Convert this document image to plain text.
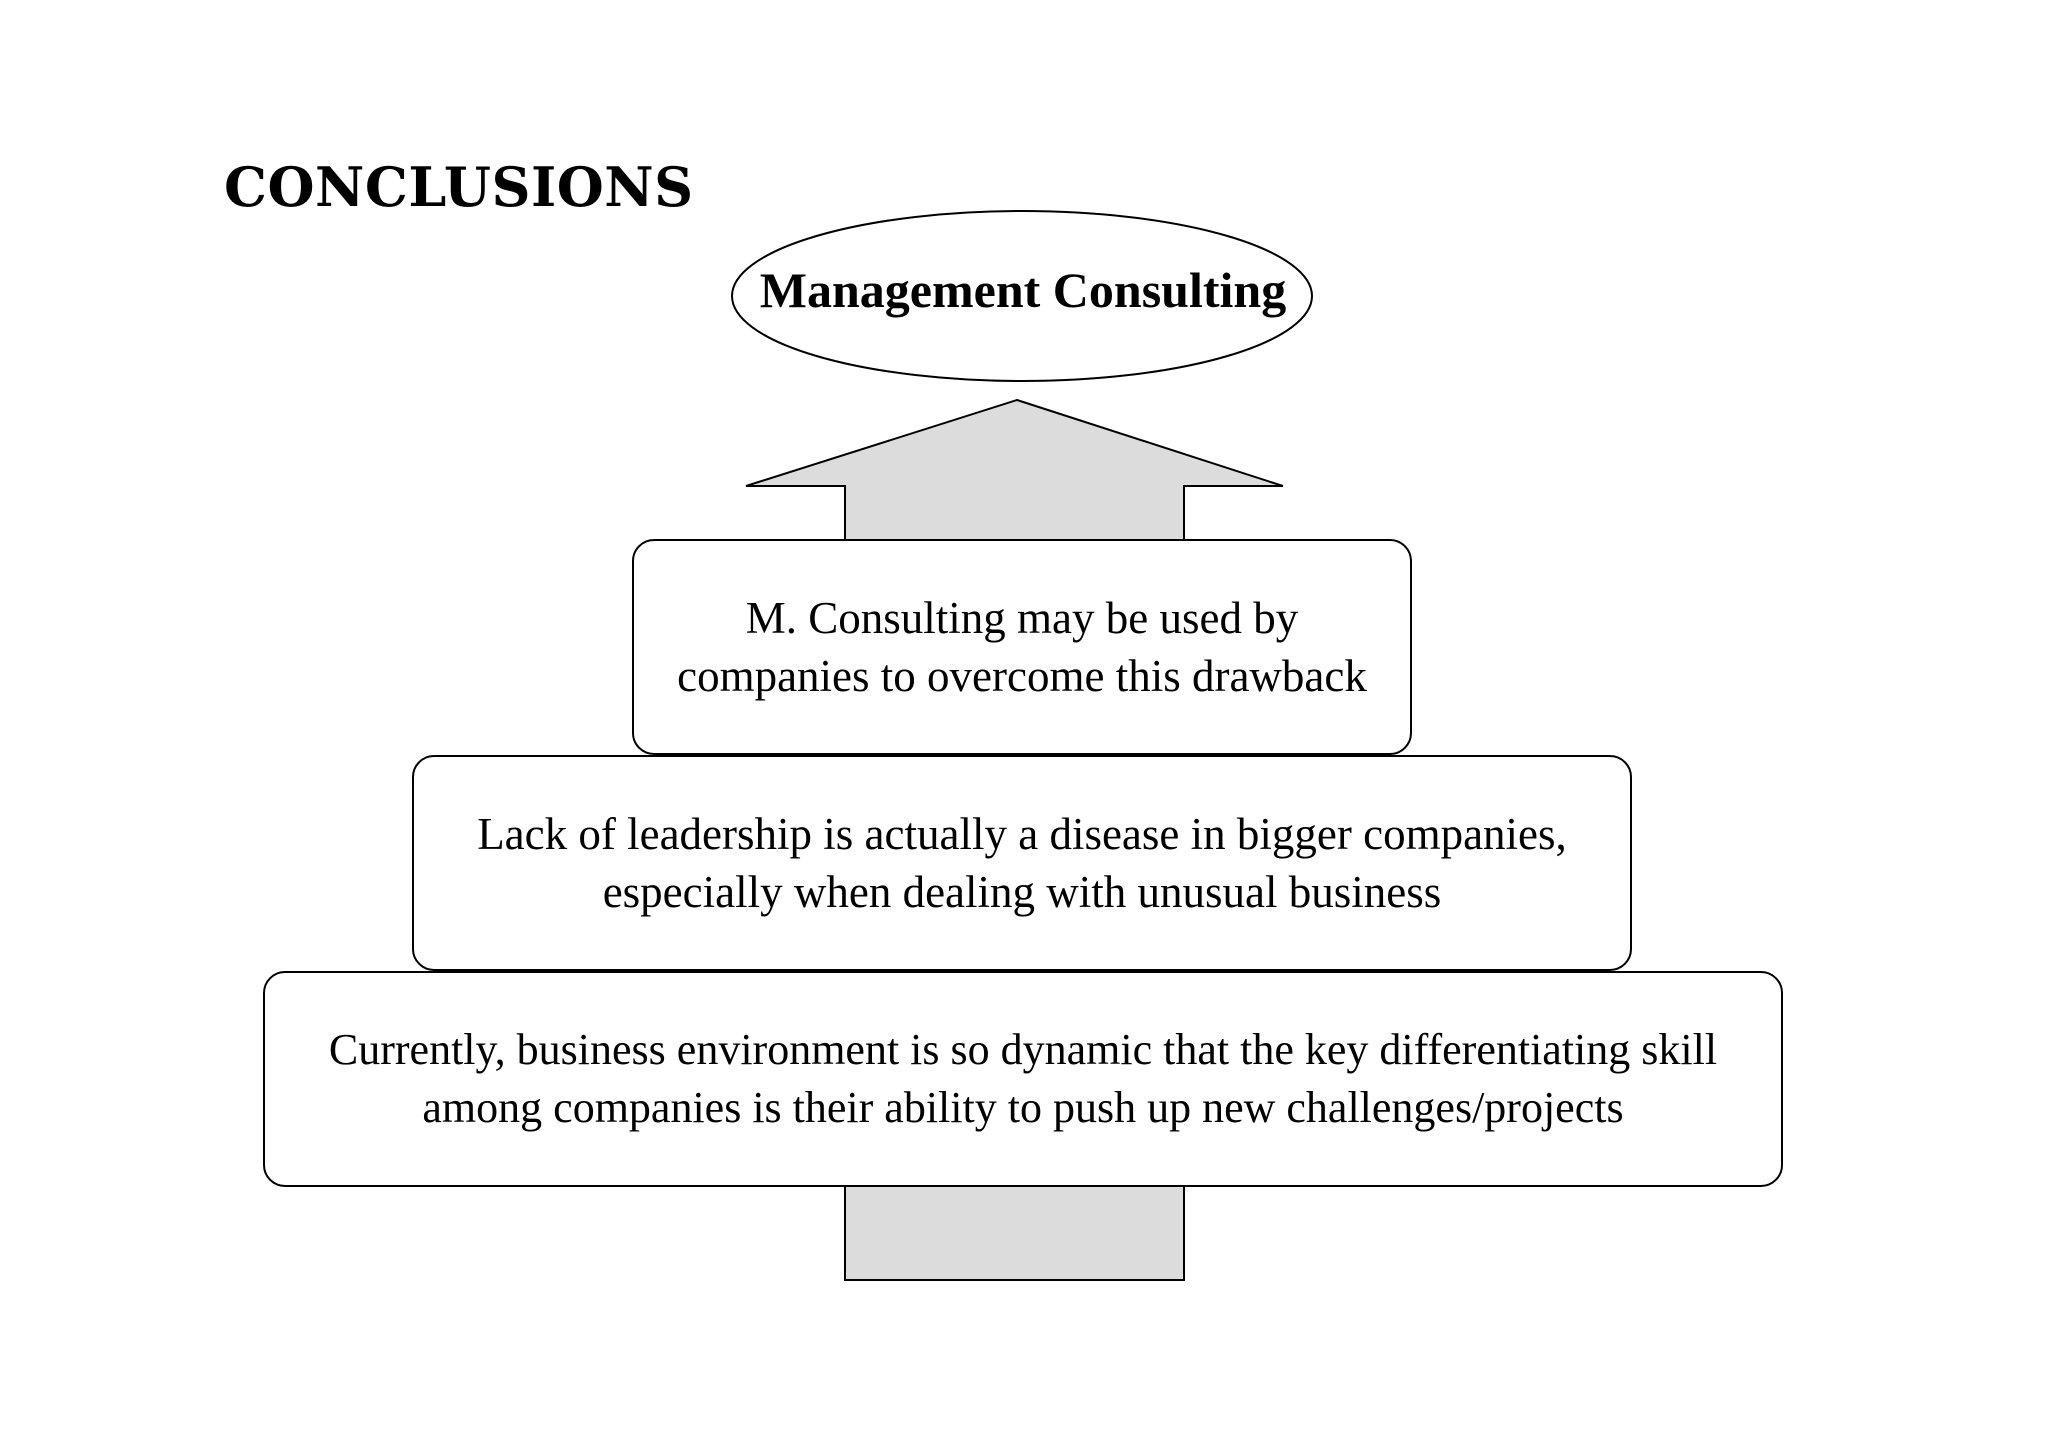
CONCLUSIONS
Management Consulting
M. Consulting may be used by
companies to overcome this drawback
Lack of leadership is actually a disease in bigger companies,
especially when dealing with unusual business
Currently, business environment is so dynamic that the key differentiating skill
among companies is their ability to push up new challenges/projects
